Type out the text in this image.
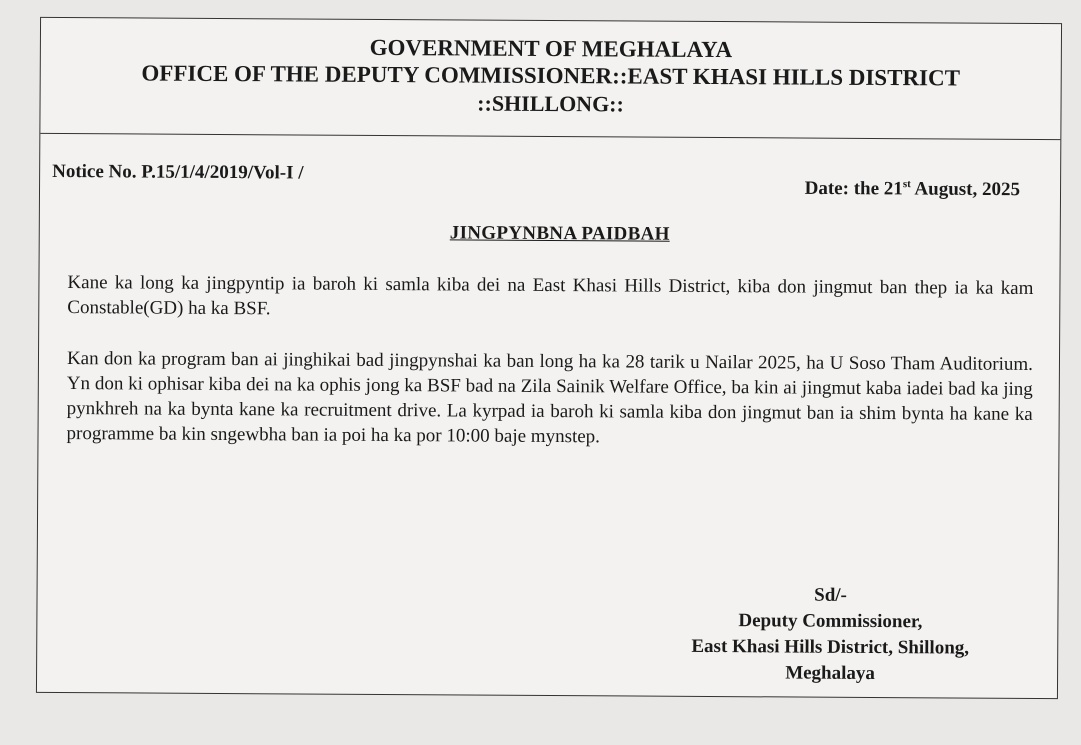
GOVERNMENT OF MEGHALAYA
OFFICE OF THE DEPUTY COMMISSIONER::EAST KHASI HILLS DISTRICT
::SHILLONG::
Notice No. P.15/1/4/2019/Vol-I /
Date: the 21st August, 2025
JINGPYNBNA PAIDBAH
Kane ka long ka jingpyntip ia baroh ki samla kiba dei na East Khasi Hills District, kiba don jingmut ban thep ia ka kam Constable(GD) ha ka BSF.
Kan don ka program ban ai jinghikai bad jingpynshai ka ban long ha ka 28 tarik u Nailar 2025, ha U Soso Tham Auditorium. Yn don ki ophisar kiba dei na ka ophis jong ka BSF bad na Zila Sainik Welfare Office, ba kin ai jingmut kaba iadei bad ka jing pynkhreh na ka bynta kane ka recruitment drive. La kyrpad ia baroh ki samla kiba don jingmut ban ia shim bynta ha kane ka programme ba kin sngewbha ban ia poi ha ka por 10:00 baje mynstep.
Sd/-
Deputy Commissioner,
East Khasi Hills District, Shillong,
Meghalaya
